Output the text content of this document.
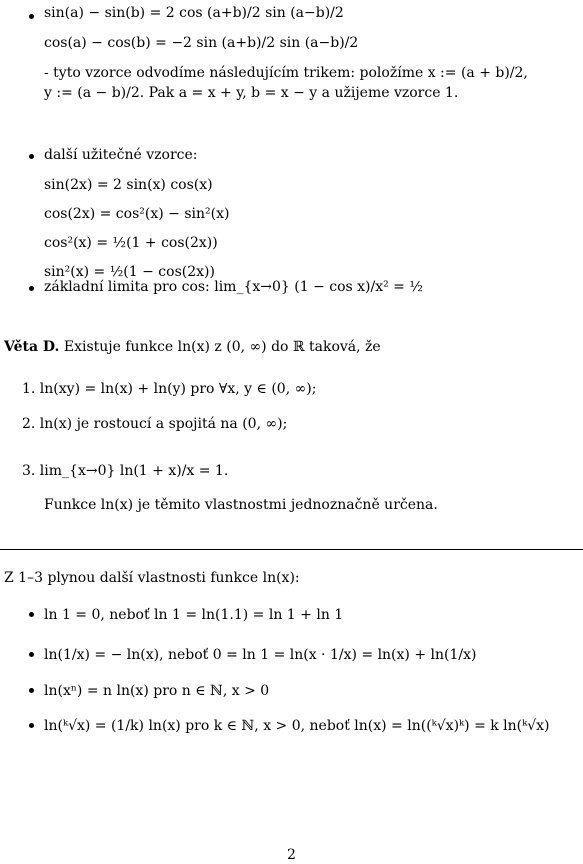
sin(a) − sin(b) = 2 cos (a+b)/2 sin (a−b)/2
cos(a) − cos(b) = −2 sin (a+b)/2 sin (a−b)/2
- tyto vzorce odvodíme následujícím trikem: položíme x := (a + b)/2,
y := (a − b)/2. Pak a = x + y, b = x − y a užijeme vzorce 1.
další užitečné vzorce:
sin(2x) = 2 sin(x) cos(x)
cos(2x) = cos²(x) − sin²(x)
cos²(x) = ½(1 + cos(2x))
sin²(x) = ½(1 − cos(2x))
základní limita pro cos: lim_{x→0} (1 − cos x)/x² = ½
Věta D. Existuje funkce ln(x) z (0, ∞) do ℝ taková, že
1. ln(xy) = ln(x) + ln(y) pro ∀x, y ∈ (0, ∞);
2. ln(x) je rostoucí a spojitá na (0, ∞);
3. lim_{x→0} ln(1 + x)/x = 1.
Funkce ln(x) je těmito vlastnostmi jednoznačně určena.
Z 1–3 plynou další vlastnosti funkce ln(x):
ln 1 = 0, neboť ln 1 = ln(1.1) = ln 1 + ln 1
ln(1/x) = − ln(x), neboť 0 = ln 1 = ln(x · 1/x) = ln(x) + ln(1/x)
ln(xⁿ) = n ln(x) pro n ∈ ℕ, x > 0
ln(ᵏ√x) = (1/k) ln(x) pro k ∈ ℕ, x > 0, neboť ln(x) = ln((ᵏ√x)ᵏ) = k ln(ᵏ√x)
2
